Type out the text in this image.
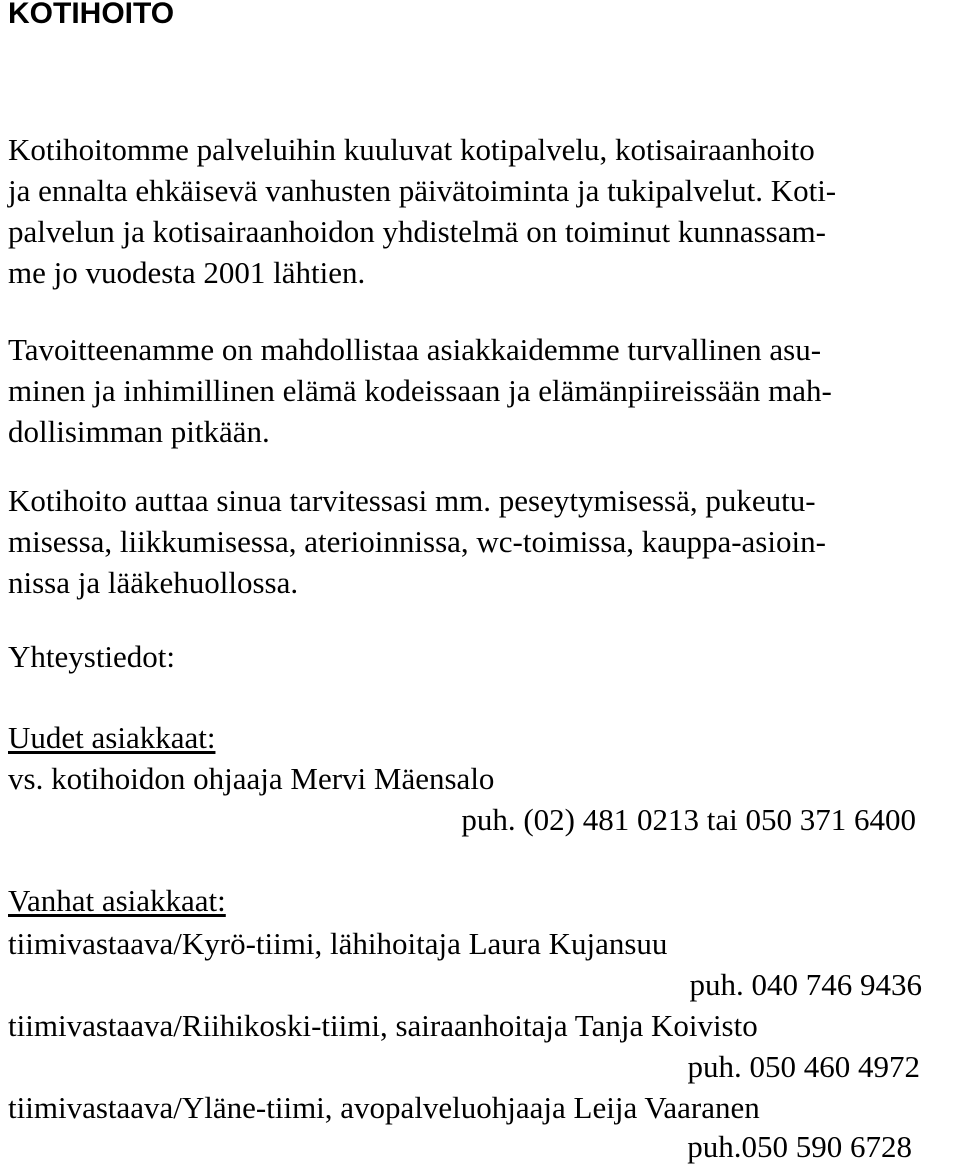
KOTIHOITO
Kotihoitomme palveluihin kuuluvat kotipalvelu, kotisairaanhoito
ja ennalta ehkäisevä vanhusten päivätoiminta ja tukipalvelut. Koti-
palvelun ja kotisairaanhoidon yhdistelmä on toiminut kunnassam-
me jo vuodesta 2001 lähtien.
Tavoitteenamme on mahdollistaa asiakkaidemme turvallinen asu-
minen ja inhimillinen elämä kodeissaan ja elämänpiireissään mah-
dollisimman pitkään.
Kotihoito auttaa sinua tarvitessasi mm. peseytymisessä, pukeutu-
misessa, liikkumisessa, aterioinnissa, wc-toimissa, kauppa-asioin-
nissa ja lääkehuollossa.
Yhteystiedot:
Uudet asiakkaat:
vs. kotihoidon ohjaaja Mervi Mäensalo
puh. (02) 481 0213 tai 050 371 6400
Vanhat asiakkaat:
tiimivastaava/Kyrö-tiimi, lähihoitaja Laura Kujansuu
puh. 040 746 9436
tiimivastaava/Riihikoski-tiimi, sairaanhoitaja Tanja Koivisto
puh. 050 460 4972
tiimivastaava/Yläne-tiimi, avopalveluohjaaja Leija Vaaranen
puh.050 590 6728
